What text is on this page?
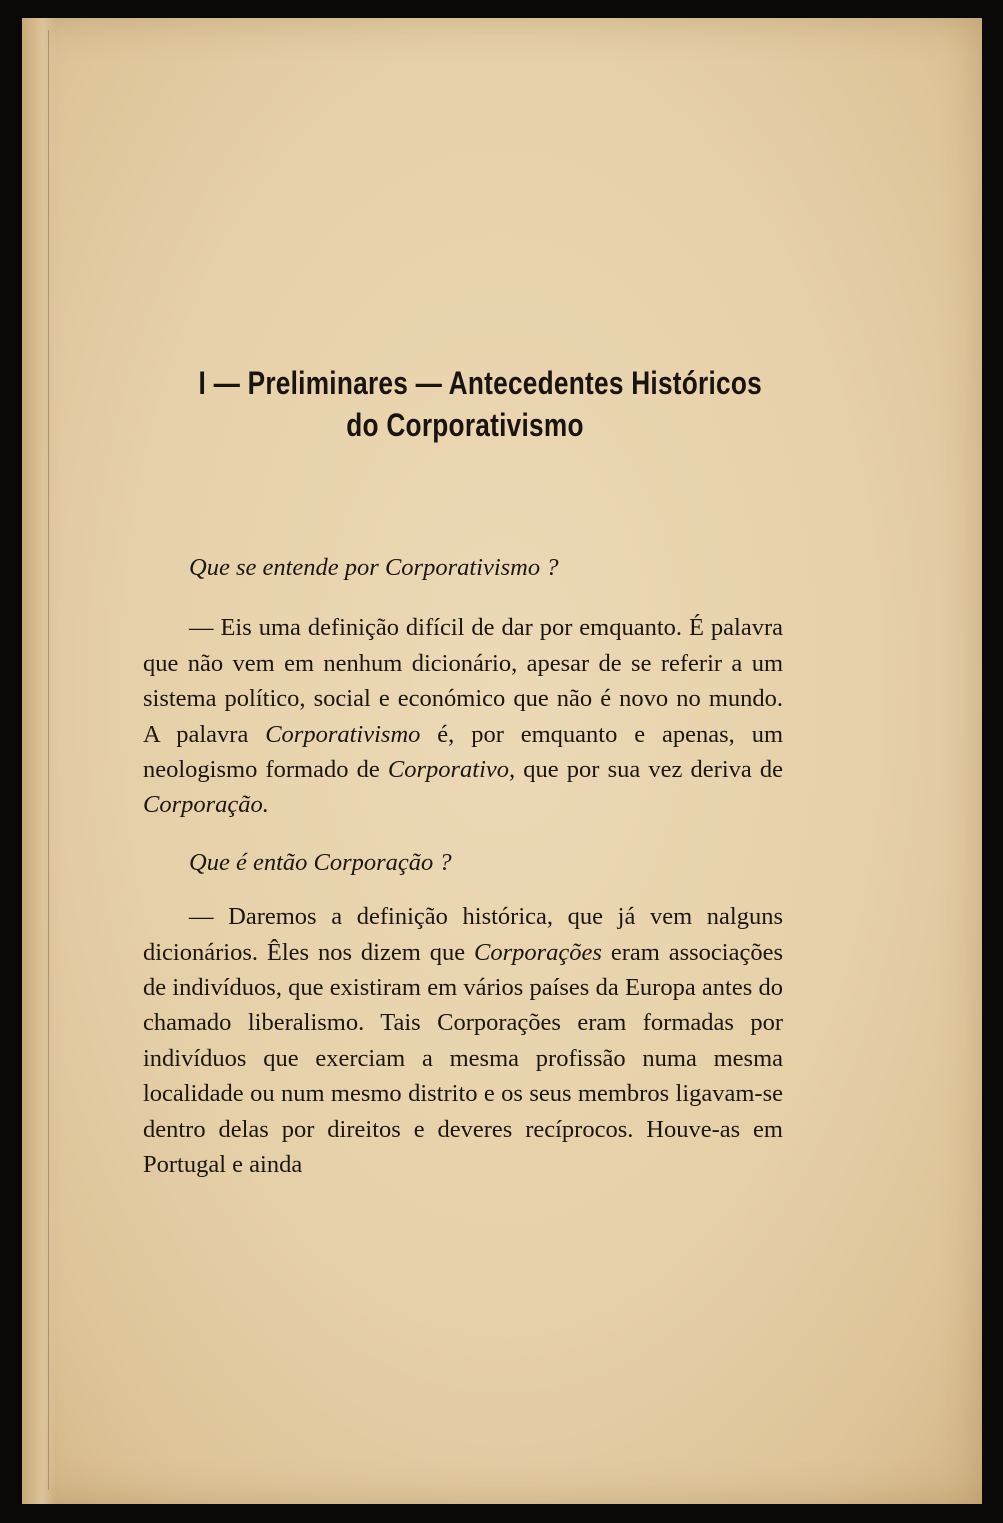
I — Preliminares — Antecedentes Históricos
do Corporativismo

Que se entende por Corporativismo ?

— Eis uma definição difícil de dar por emquanto. É palavra que não vem em nenhum dicionário, apesar de se referir a um sistema político, social e económico que não é novo no mundo. A palavra Corporativismo é, por emquanto e apenas, um neologismo formado de Corporativo, que por sua vez deriva de Corporação.

Que é então Corporação ?

— Daremos a definição histórica, que já vem nalguns dicionários. Êles nos dizem que Corporações eram associações de indivíduos, que existiram em vários países da Europa antes do chamado liberalismo. Tais Corporações eram formadas por indivíduos que exerciam a mesma profissão numa mesma localidade ou num mesmo distrito e os seus membros ligavam-se dentro delas por direitos e deveres recíprocos. Houve-as em Portugal e ainda
